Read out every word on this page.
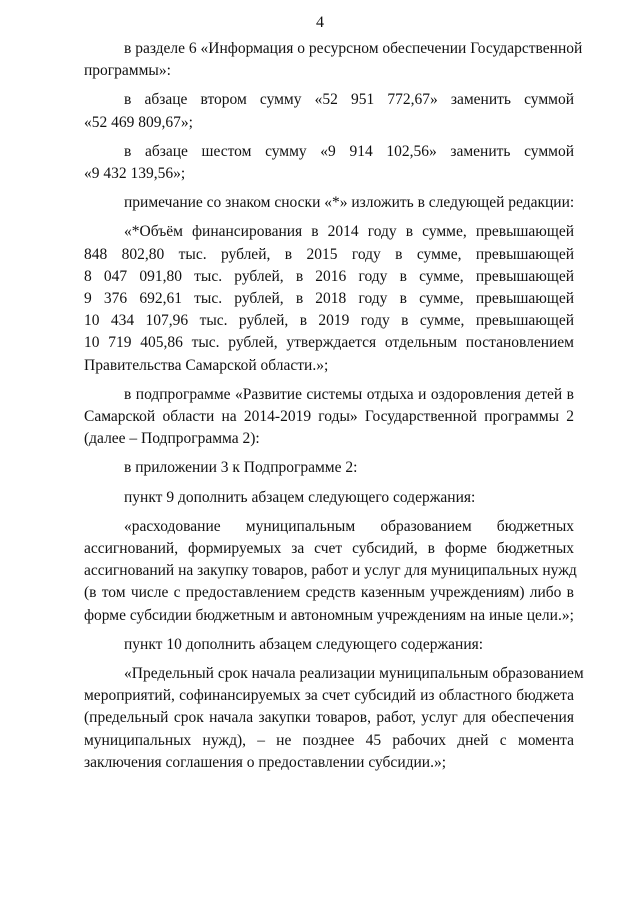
4
в разделе 6 «Информация о ресурсном обеспечении Государственной
программы»:
в абзаце втором сумму «52 951 772,67» заменить суммой
«52 469 809,67»;
в абзаце шестом сумму «9 914 102,56» заменить суммой
«9 432 139,56»;
примечание со знаком сноски «*» изложить в следующей редакции:
«*Объём финансирования в 2014 году в сумме, превышающей
848 802,80 тыс. рублей, в 2015 году в сумме, превышающей
8 047 091,80 тыс. рублей, в 2016 году в сумме, превышающей
9 376 692,61 тыс. рублей, в 2018 году в сумме, превышающей
10 434 107,96 тыс. рублей, в 2019 году в сумме, превышающей
10 719 405,86 тыс. рублей, утверждается отдельным постановлением
Правительства Самарской области.»;
в подпрограмме «Развитие системы отдыха и оздоровления детей в
Самарской области на 2014-2019 годы» Государственной программы 2
(далее – Подпрограмма 2):
в приложении 3 к Подпрограмме 2:
пункт 9 дополнить абзацем следующего содержания:
«расходование муниципальным образованием бюджетных
ассигнований, формируемых за счет субсидий, в форме бюджетных
ассигнований на закупку товаров, работ и услуг для муниципальных нужд
(в том числе с предоставлением средств казенным учреждениям) либо в
форме субсидии бюджетным и автономным учреждениям на иные цели.»;
пункт 10 дополнить абзацем следующего содержания:
«Предельный срок начала реализации муниципальным образованием
мероприятий, софинансируемых за счет субсидий из областного бюджета
(предельный срок начала закупки товаров, работ, услуг для обеспечения
муниципальных нужд), – не позднее 45 рабочих дней с момента
заключения соглашения о предоставлении субсидии.»;
